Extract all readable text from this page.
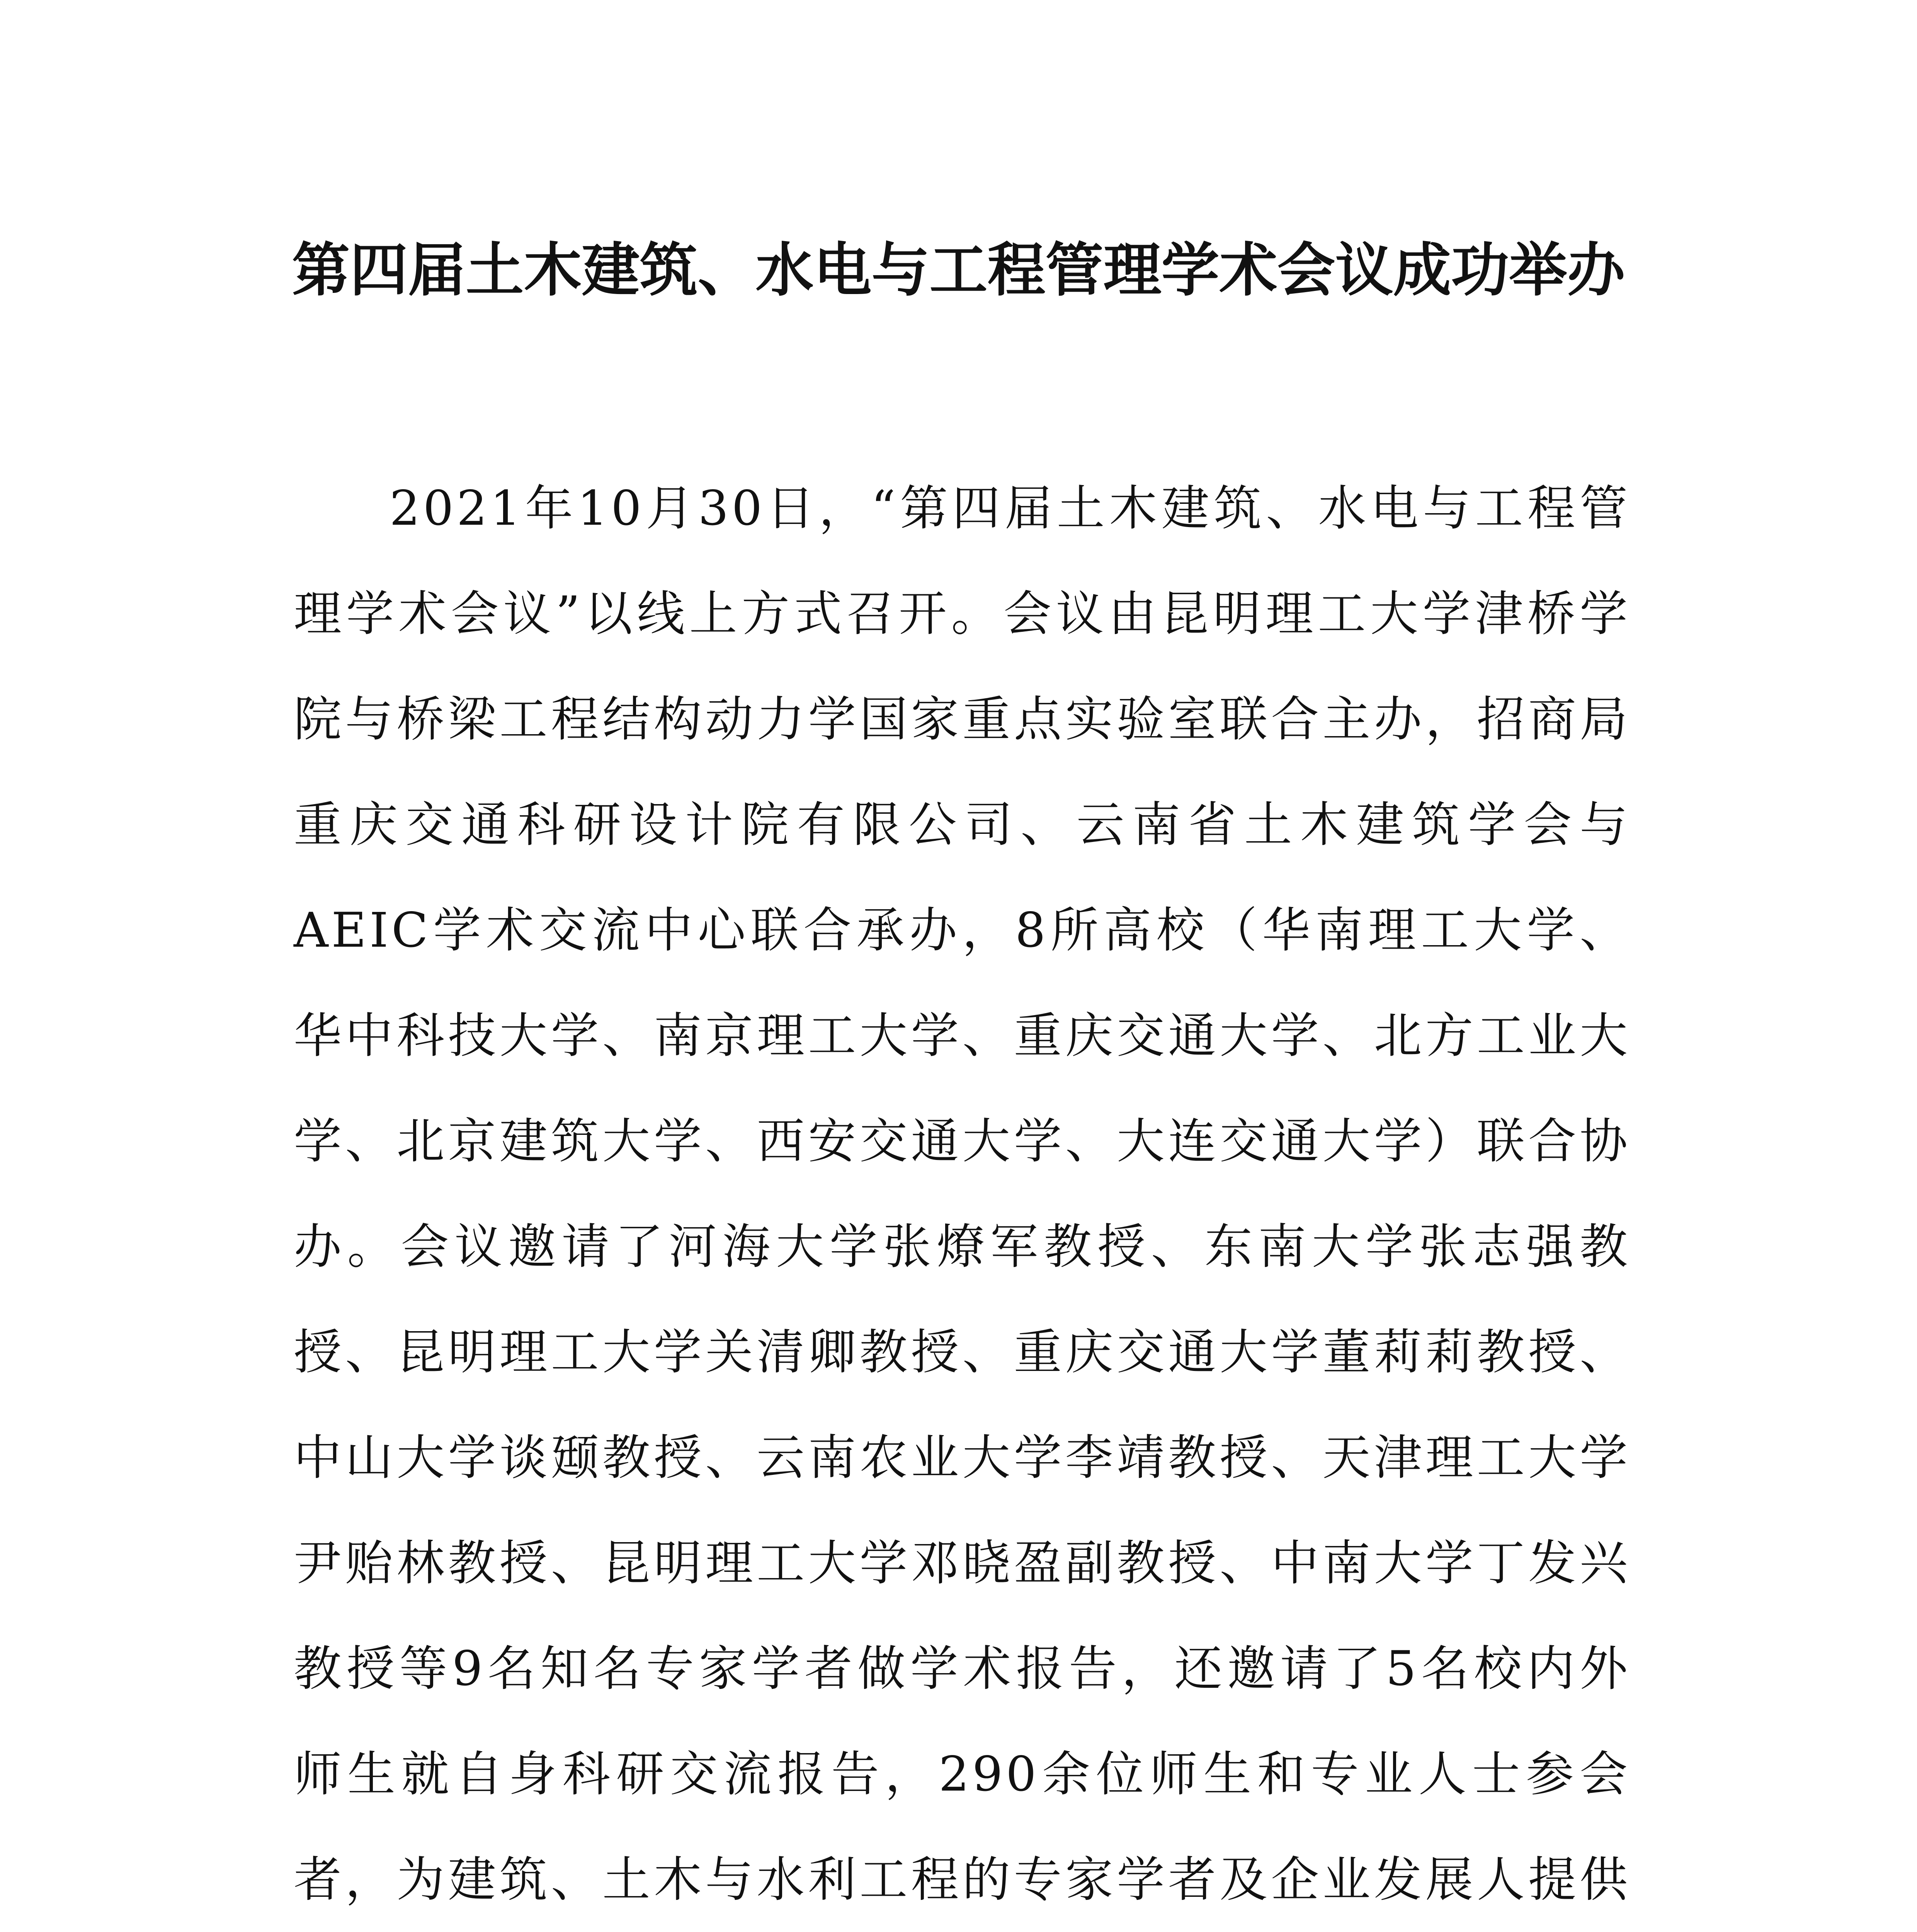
第四届土木建筑、水电与工程管理学术会议成功举办

2021年10月30日，“第四届土木建筑、水电与工程管理学术会议”以线上方式召开。会议由昆明理工大学津桥学院与桥梁工程结构动力学国家重点实验室联合主办，招商局重庆交通科研设计院有限公司、云南省土木建筑学会与AEIC学术交流中心联合承办，8所高校（华南理工大学、华中科技大学、南京理工大学、重庆交通大学、北方工业大学、北京建筑大学、西安交通大学、大连交通大学）联合协办。会议邀请了河海大学张燎军教授、东南大学张志强教授、昆明理工大学关清卿教授、重庆交通大学董莉莉教授、中山大学谈颋教授、云南农业大学李靖教授、天津理工大学尹贻林教授、昆明理工大学邓晓盈副教授、中南大学丁发兴教授等9名知名专家学者做学术报告，还邀请了5名校内外师生就自身科研交流报告，290余位师生和专业人士参会者，为建筑、土木与水利工程的专家学者及企业发展人提供
